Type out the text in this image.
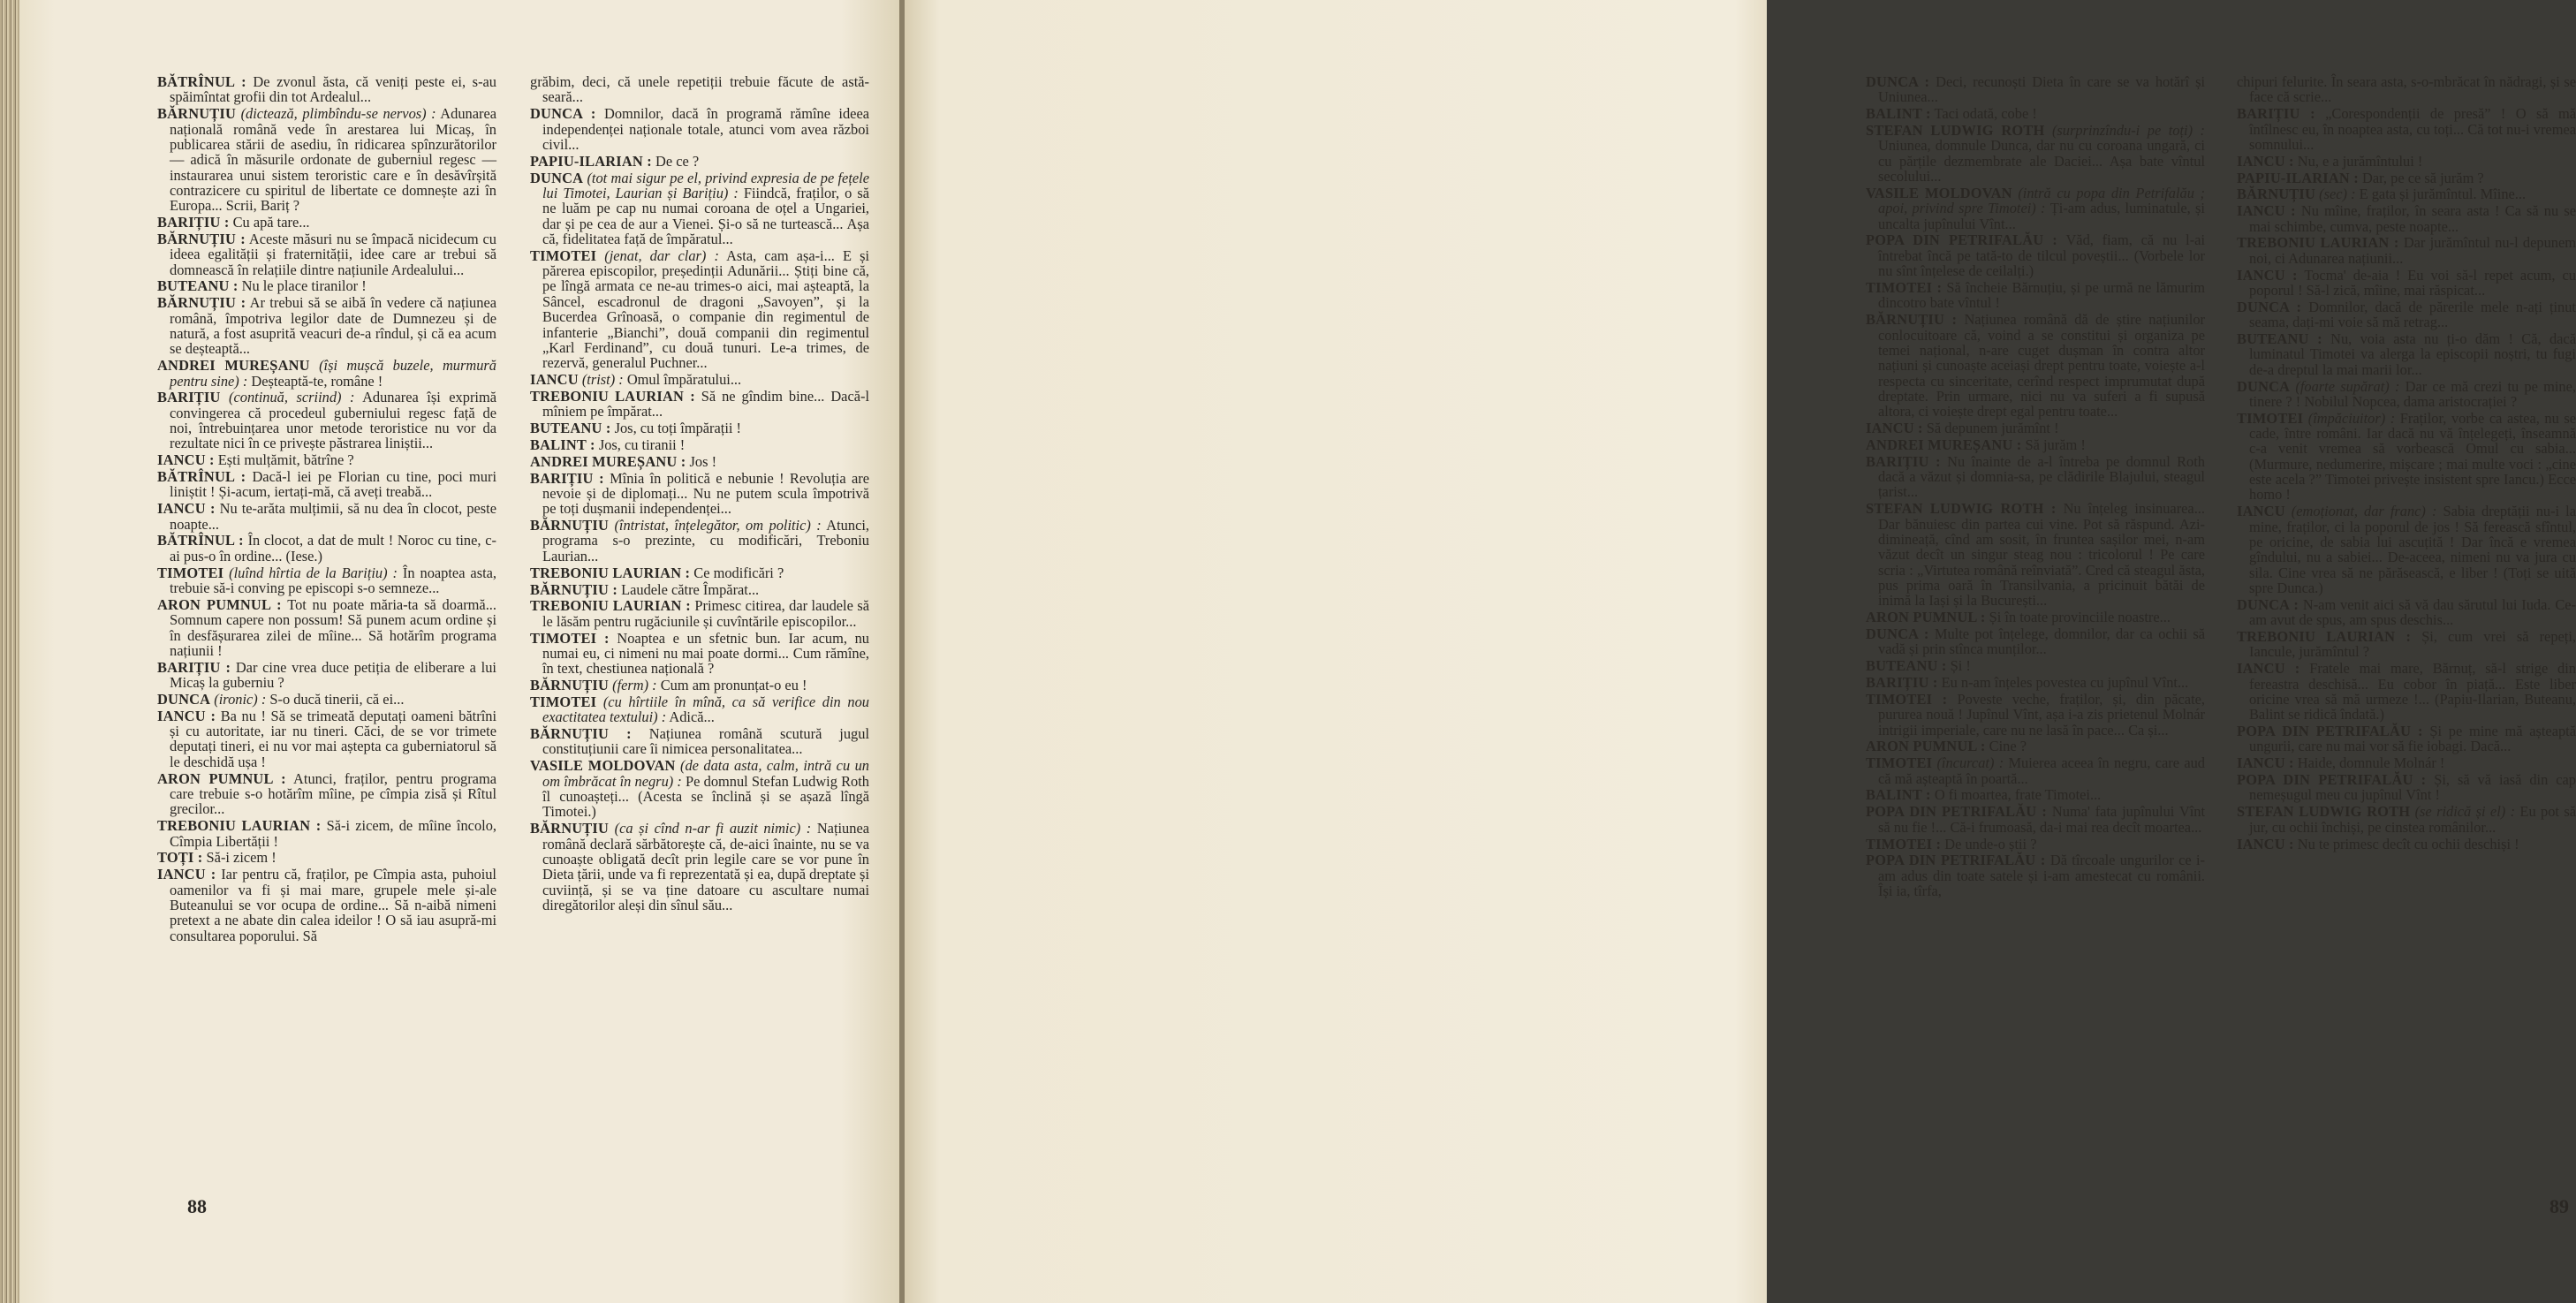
BĂTRÎNUL : De zvonul ăsta, că veniți peste ei, s-au spăimîntat grofii din tot Ardealul...

BĂRNUȚIU (dictează, plimbîndu-se nervos) : Adunarea națională română vede în arestarea lui Micaș, în publicarea stării de asediu, în ridicarea spînzurătorilor — adică în măsurile ordonate de guberniul regesc — instaurarea unui sistem teroristic care e în desăvîrșită contrazicere cu spiritul de libertate ce domnește azi în Europa... Scrii, Bariț ?

BARIȚIU : Cu apă tare...

BĂRNUȚIU : Aceste măsuri nu se împacă nicidecum cu ideea egalității și fraternității, idee care ar trebui să domnească în relațiile dintre națiunile Ardealului...

BUTEANU : Nu le place tiranilor !

BĂRNUȚIU : Ar trebui să se aibă în vedere că națiunea română, împotriva legilor date de Dumnezeu și de natură, a fost asuprită veacuri de-a rîndul, și că ea acum se deșteaptă...

ANDREI MUREȘANU (își mușcă buzele, murmură pentru sine) : Deșteaptă-te, române !

BARIȚIU (continuă, scriind) : Adunarea își exprimă convingerea că procedeul guberniului regesc față de noi, întrebuințarea unor metode teroristice nu vor da rezultate nici în ce privește păstrarea liniștii...

IANCU : Ești mulțămit, bătrîne ?

BĂTRÎNUL : Dacă-l iei pe Florian cu tine, poci muri liniștit ! Și-acum, iertați-mă, că aveți treabă...

IANCU : Nu te-arăta mulțimii, să nu dea în clocot, peste noapte...

BĂTRÎNUL : În clocot, a dat de mult ! Noroc cu tine, c-ai pus-o în ordine... (Iese.)

TIMOTEI (luînd hîrtia de la Barițiu) : În noaptea asta, trebuie să-i conving pe episcopi s-o semneze...

ARON PUMNUL : Tot nu poate măria-ta să doarmă... Somnum capere non possum! Să punem acum ordine și în desfășurarea zilei de mîine... Să hotărîm programa națiunii !

BARIȚIU : Dar cine vrea duce petiția de eliberare a lui Micaș la guberniu ?

DUNCA (ironic) : S-o ducă tinerii, că ei...

IANCU : Ba nu ! Să se trimeată deputați oameni bătrîni și cu autoritate, iar nu tineri. Căci, de se vor trimete deputați tineri, ei nu vor mai aștepta ca guberniatorul să le deschidă ușa !

ARON PUMNUL : Atunci, fraților, pentru programa care trebuie s-o hotărîm mîine, pe cîmpia zisă și Rîtul grecilor...

TREBONIU LAURIAN : Să-i zicem, de mîine încolo, Cîmpia Libertății !

TOȚI : Să-i zicem !

IANCU : Iar pentru că, fraților, pe Cîmpia asta, puhoiul oamenilor va fi și mai mare, grupele mele și-ale Buteanului se vor ocupa de ordine... Să n-aibă nimeni pretext a ne abate din calea ideilor ! O să iau asupră-mi consultarea poporului. Să

grăbim, deci, că unele repetiții trebuie făcute de astă-seară...

DUNCA : Domnilor, dacă în programă rămîne ideea independenței naționale totale, atunci vom avea război civil...

PAPIU-ILARIAN : De ce ?

DUNCA (tot mai sigur pe el, privind expresia de pe fețele lui Timotei, Laurian și Barițiu) : Fiindcă, fraților, o să ne luăm pe cap nu numai coroana de oțel a Ungariei, dar și pe cea de aur a Vienei. Și-o să ne turtească... Așa că, fidelitatea față de împăratul...

TIMOTEI (jenat, dar clar) : Asta, cam așa-i... E și părerea episcopilor, președinții Adunării... Știți bine că, pe lîngă armata ce ne-au trimes-o aici, mai așteaptă, la Sâncel, escadronul de dragoni „Savoyen”, și la Bucerdea Grînoasă, o companie din regimentul de infanterie „Bianchi”, două companii din regimentul „Karl Ferdinand”, cu două tunuri. Le-a trimes, de rezervă, generalul Puchner...

IANCU (trist) : Omul împăratului...

TREBONIU LAURIAN : Să ne gîndim bine... Dacă-l mîniem pe împărat...

BUTEANU : Jos, cu toți împărații !

BALINT : Jos, cu tiranii !

ANDREI MUREȘANU : Jos !

BARIȚIU : Mînia în politică e nebunie ! Revoluția are nevoie și de diplomați... Nu ne putem scula împotrivă pe toți dușmanii independenței...

BĂRNUȚIU (întristat, înțelegător, om politic) : Atunci, programa s-o prezinte, cu modificări, Treboniu Laurian...

TREBONIU LAURIAN : Ce modificări ?

BĂRNUȚIU : Laudele către Împărat...

TREBONIU LAURIAN : Primesc citirea, dar laudele să le lăsăm pentru rugăciunile și cuvîntările episcopilor...

TIMOTEI : Noaptea e un sfetnic bun. Iar acum, nu numai eu, ci nimeni nu mai poate dormi... Cum rămîne, în text, chestiunea națională ?

BĂRNUȚIU (ferm) : Cum am pronunțat-o eu !

TIMOTEI (cu hîrtiile în mînă, ca să verifice din nou exactitatea textului) : Adică...

BĂRNUȚIU : Națiunea română scutură jugul constituțiunii care îi nimicea personalitatea...

VASILE MOLDOVAN (de data asta, calm, intră cu un om îmbrăcat în negru) : Pe domnul Stefan Ludwig Roth îl cunoașteți... (Acesta se înclină și se așază lîngă Timotei.)

BĂRNUȚIU (ca și cînd n-ar fi auzit nimic) : Națiunea română declară sărbătorește că, de-aici înainte, nu se va cunoaște obligată decît prin legile care se vor pune în Dieta țării, unde va fi reprezentată și ea, după dreptate și cuviință, și se va ține datoare cu ascultare numai diregătorilor aleși din sînul său...

88

DUNCA : Deci, recunoști Dieta în care se va hotărî și Uniunea...

BALINT : Taci odată, cobe !

STEFAN LUDWIG ROTH (surprinzîndu-i pe toți) : Uniunea, domnule Dunca, dar nu cu coroana ungară, ci cu părțile dezmembrate ale Daciei... Așa bate vîntul secolului...

VASILE MOLDOVAN (intră cu popa din Petrifalău ; apoi, privind spre Timotei) : Ți-am adus, luminatule, și uncalta jupînului Vînt...

POPA DIN PETRIFALĂU : Văd, fiam, că nu l-ai întrebat încă pe tată-to de tilcul poveștii... (Vorbele lor nu sînt înțelese de ceilalți.)

TIMOTEI : Să încheie Bărnuțiu, și pe urmă ne lămurim dincotro bate vîntul !

BĂRNUȚIU : Națiunea română dă de știre națiunilor conlocuitoare că, voind a se constitui și organiza pe temei național, n-are cuget dușman în contra altor națiuni și cunoaște aceiași drept pentru toate, voiește a-l respecta cu sinceritate, cerînd respect imprumutat după dreptate. Prin urmare, nici nu va suferi a fi supusă altora, ci voiește drept egal pentru toate...

IANCU : Să depunem jurămînt !

ANDREI MUREȘANU : Să jurăm !

BARIȚIU : Nu înainte de a-l întreba pe domnul Roth dacă a văzut și domnia-sa, pe clădirile Blajului, steagul țarist...

STEFAN LUDWIG ROTH : Nu înțeleg insinuarea... Dar bănuiesc din partea cui vine. Pot să răspund. Azi-dimineață, cînd am sosit, în fruntea sașilor mei, n-am văzut decît un singur steag nou : tricolorul ! Pe care scria : „Virtutea română reînviată”. Cred că steagul ăsta, pus prima oară în Transilvania, a pricinuit bătăi de inimă la Iași și la București...

ARON PUMNUL : Și în toate provinciile noastre...

DUNCA : Multe pot înțelege, domnilor, dar ca ochii să vadă și prin stînca munților...

BUTEANU : Și !

BARIȚIU : Eu n-am înțeles povestea cu jupînul Vînt...

TIMOTEI : Poveste veche, fraților, și, din păcate, pururea nouă ! Jupînul Vînt, așa i-a zis prietenul Molnár intrigii imperiale, care nu ne lasă în pace... Ca și...

ARON PUMNUL : Cine ?

TIMOTEI (încurcat) : Muierea aceea în negru, care aud că mă așteaptă în poartă...

BALINT : O fi moartea, frate Timotei...

POPA DIN PETRIFALĂU : Numa' fata jupînului Vînt să nu fie !... Că-i frumoasă, da-i mai rea decît moartea...

TIMOTEI : De unde-o știi ?

POPA DIN PETRIFALĂU : Dă tîrcoale ungurilor ce i-am adus din toate satele și i-am amestecat cu românii. Își ia, tîrfa,

chipuri felurite. În seara asta, s-o-mbrăcat în nădragi, și se face că scrie...

BARIȚIU : „Corespondenții de presă” ! O să mă întîlnesc eu, în noaptea asta, cu toți... Că tot nu-i vremea somnului...

IANCU : Nu, e a jurămîntului !

PAPIU-ILARIAN : Dar, pe ce să jurăm ?

BĂRNUȚIU (sec) : E gata și jurămîntul. Mîine...

IANCU : Nu mîine, fraților, în seara asta ! Ca să nu se mai schimbe, cumva, peste noapte...

TREBONIU LAURIAN : Dar jurămîntul nu-l depunem noi, ci Adunarea națiunii...

IANCU : Tocma' de-aia ! Eu voi să-l repet acum, cu poporul ! Să-l zică, mîine, mai răspicat...

DUNCA : Domnilor, dacă de părerile mele n-ați ținut seama, dați-mi voie să mă retrag...

BUTEANU : Nu, voia asta nu ți-o dăm ! Că, dacă luminatul Timotei va alerga la episcopii noștri, tu fugi de-a dreptul la mai marii lor...

DUNCA (foarte supărat) : Dar ce mă crezi tu pe mine, tinere ? ! Nobilul Nopcea, dama aristocrației ?

TIMOTEI (împăciuitor) : Fraților, vorbe ca astea, nu se cade, între români. Iar dacă nu vă înțelegeți, înseamnă c-a venit vremea să vorbească Omul cu sabia... (Murmure, nedumerire, mișcare ; mai multe voci : „cine este acela ?” Timotei privește insistent spre Iancu.) Ecce homo !

IANCU (emoționat, dar franc) : Sabia dreptății nu-i la mine, fraților, ci la poporul de jos ! Să ferească sfîntul, pe oricine, de sabia lui ascuțită ! Dar încă e vremea gîndului, nu a sabiei... De-aceea, nimeni nu va jura cu sila. Cine vrea să ne părăsească, e liber ! (Toți se uită spre Dunca.)

DUNCA : N-am venit aici să vă dau sărutul lui Iuda. Ce-am avut de spus, am spus deschis...

TREBONIU LAURIAN : Și, cum vrei să repeți, Iancule, jurămîntul ?

IANCU : Fratele mai mare, Bărnuț, să-l strige din fereastra deschisă... Eu cobor în piață... Este liber oricine vrea să mă urmeze !... (Papiu-Ilarian, Buteanu, Balint se ridică îndată.)

POPA DIN PETRIFALĂU : Și pe mine mă așteaptă ungurii, care nu mai vor să fie iobagi. Dacă...

IANCU : Haide, domnule Molnár !

POPA DIN PETRIFALĂU : Și, să vă iasă din cap nemeșugul meu cu jupînul Vînt !

STEFAN LUDWIG ROTH (se ridică și el) : Eu pot să jur, cu ochii închiși, pe cinstea românilor...

IANCU : Nu te primesc decît cu ochii deschiși !

89
